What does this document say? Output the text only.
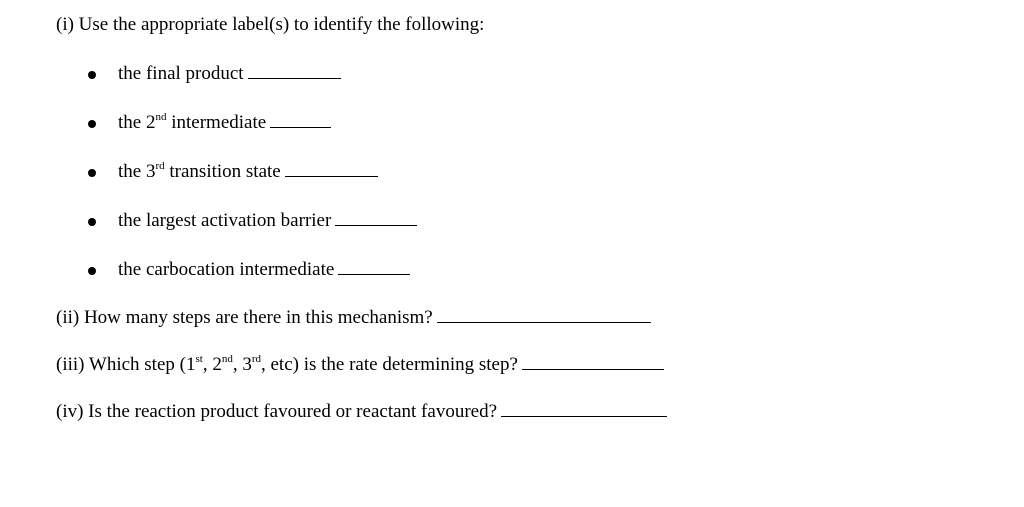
(i) Use the appropriate label(s) to identify the following:
the final product
the 2nd intermediate
the 3rd transition state
the largest activation barrier
the carbocation intermediate
(ii) How many steps are there in this mechanism?
(iii) Which step (1st, 2nd, 3rd, etc) is the rate determining step?
(iv) Is the reaction product favoured or reactant favoured?
